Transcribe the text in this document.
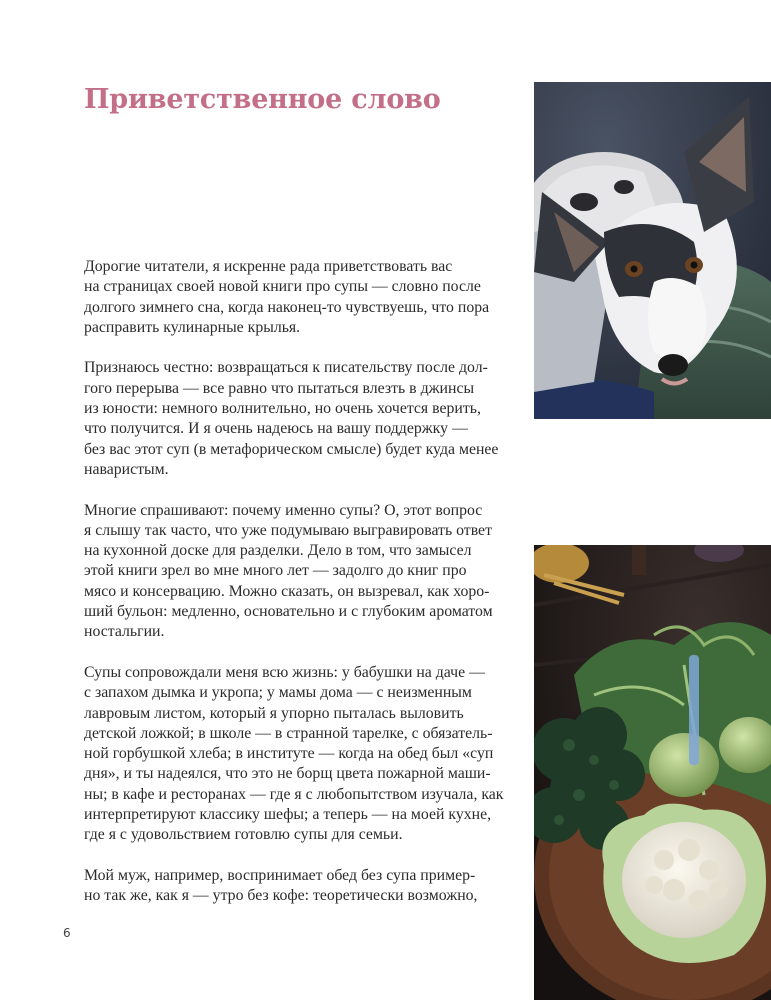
Приветственное слово

Дорогие читатели, я искренне рада приветствовать вас
на страницах своей новой книги про супы — словно после
долгого зимнего сна, когда наконец-то чувствуешь, что пора
расправить кулинарные крылья.

Признаюсь честно: возвращаться к писательству после дол-
гого перерыва — все равно что пытаться влезть в джинсы
из юности: немного волнительно, но очень хочется верить,
что получится. И я очень надеюсь на вашу поддержку —
без вас этот суп (в метафорическом смысле) будет куда менее
наваристым.

Многие спрашивают: почему именно супы? О, этот вопрос
я слышу так часто, что уже подумываю выгравировать ответ
на кухонной доске для разделки. Дело в том, что замысел
этой книги зрел во мне много лет — задолго до книг про
мясо и консервацию. Можно сказать, он вызревал, как хоро-
ший бульон: медленно, основательно и с глубоким ароматом
ностальгии.

Супы сопровождали меня всю жизнь: у бабушки на даче —
с запахом дымка и укропа; у мамы дома — с неизменным
лавровым листом, который я упорно пыталась выловить
детской ложкой; в школе — в странной тарелке, с обязатель-
ной горбушкой хлеба; в институте — когда на обед был «суп
дня», и ты надеялся, что это не борщ цвета пожарной маши-
ны; в кафе и ресторанах — где я с любопытством изучала, как
интерпретируют классику шефы; а теперь — на моей кухне,
где я с удовольствием готовлю супы для семьи.

Мой муж, например, воспринимает обед без супа пример-
но так же, как я — утро без кофе: теоретически возможно,

6
